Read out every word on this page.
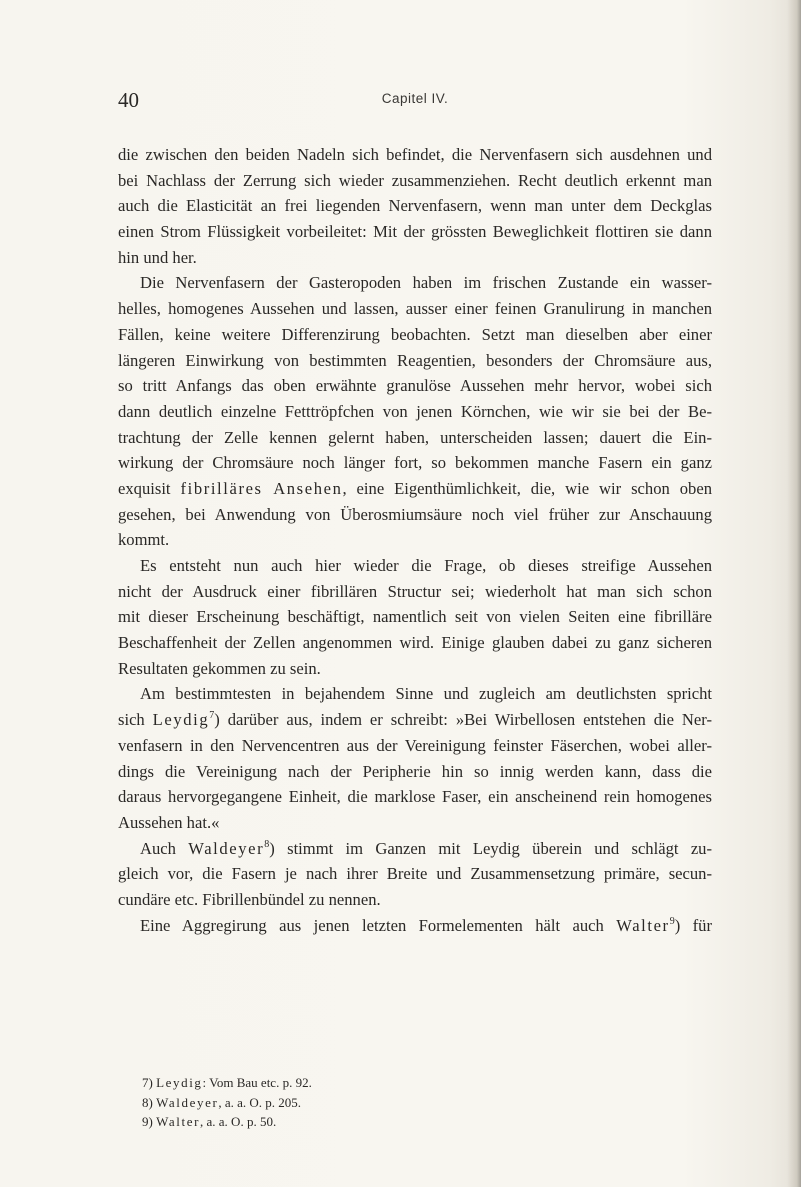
40	Capitel IV.
die zwischen den beiden Nadeln sich befindet, die Nervenfasern sich ausdehnen und
bei Nachlass der Zerrung sich wieder zusammenziehen. Recht deutlich erkennt man
auch die Elasticität an frei liegenden Nervenfasern, wenn man unter dem Deckglas
einen Strom Flüssigkeit vorbeileitet: Mit der grössten Beweglichkeit flottiren sie dann
hin und her.
Die Nervenfasern der Gasteropoden haben im frischen Zustande ein wasser-
helles, homogenes Aussehen und lassen, ausser einer feinen Granulirung in manchen
Fällen, keine weitere Differenzirung beobachten. Setzt man dieselben aber einer
längeren Einwirkung von bestimmten Reagentien, besonders der Chromsäure aus,
so tritt Anfangs das oben erwähnte granulöse Aussehen mehr hervor, wobei sich
dann deutlich einzelne Fetttröpfchen von jenen Körnchen, wie wir sie bei der Be-
trachtung der Zelle kennen gelernt haben, unterscheiden lassen; dauert die Ein-
wirkung der Chromsäure noch länger fort, so bekommen manche Fasern ein ganz
exquisit fibrilläres Ansehen, eine Eigenthümlichkeit, die, wie wir schon oben
gesehen, bei Anwendung von Überosmiumsäure noch viel früher zur Anschauung
kommt.
Es entsteht nun auch hier wieder die Frage, ob dieses streifige Aussehen
nicht der Ausdruck einer fibrillären Structur sei; wiederholt hat man sich schon
mit dieser Erscheinung beschäftigt, namentlich seit von vielen Seiten eine fibrilläre
Beschaffenheit der Zellen angenommen wird. Einige glauben dabei zu ganz sicheren
Resultaten gekommen zu sein.
Am bestimmtesten in bejahendem Sinne und zugleich am deutlichsten spricht
sich Leydig$^7$) darüber aus, indem er schreibt: »Bei Wirbellosen entstehen die Ner-
venfasern in den Nervencentren aus der Vereinigung feinster Fäserchen, wobei aller-
dings die Vereinigung nach der Peripherie hin so innig werden kann, dass die
daraus hervorgegangene Einheit, die marklose Faser, ein anscheinend rein homogenes
Aussehen hat.«
Auch Waldeyer$^8$) stimmt im Ganzen mit Leydig überein und schlägt zu-
gleich vor, die Fasern je nach ihrer Breite und Zusammensetzung primäre, secun-
cundäre etc. Fibrillenbündel zu nennen.
Eine Aggregirung aus jenen letzten Formelementen hält auch Walter$^9$) für
7) Leydig: Vom Bau etc. p. 92.
8) Waldeyer, a. a. O. p. 205.
9) Walter, a. a. O. p. 50.
